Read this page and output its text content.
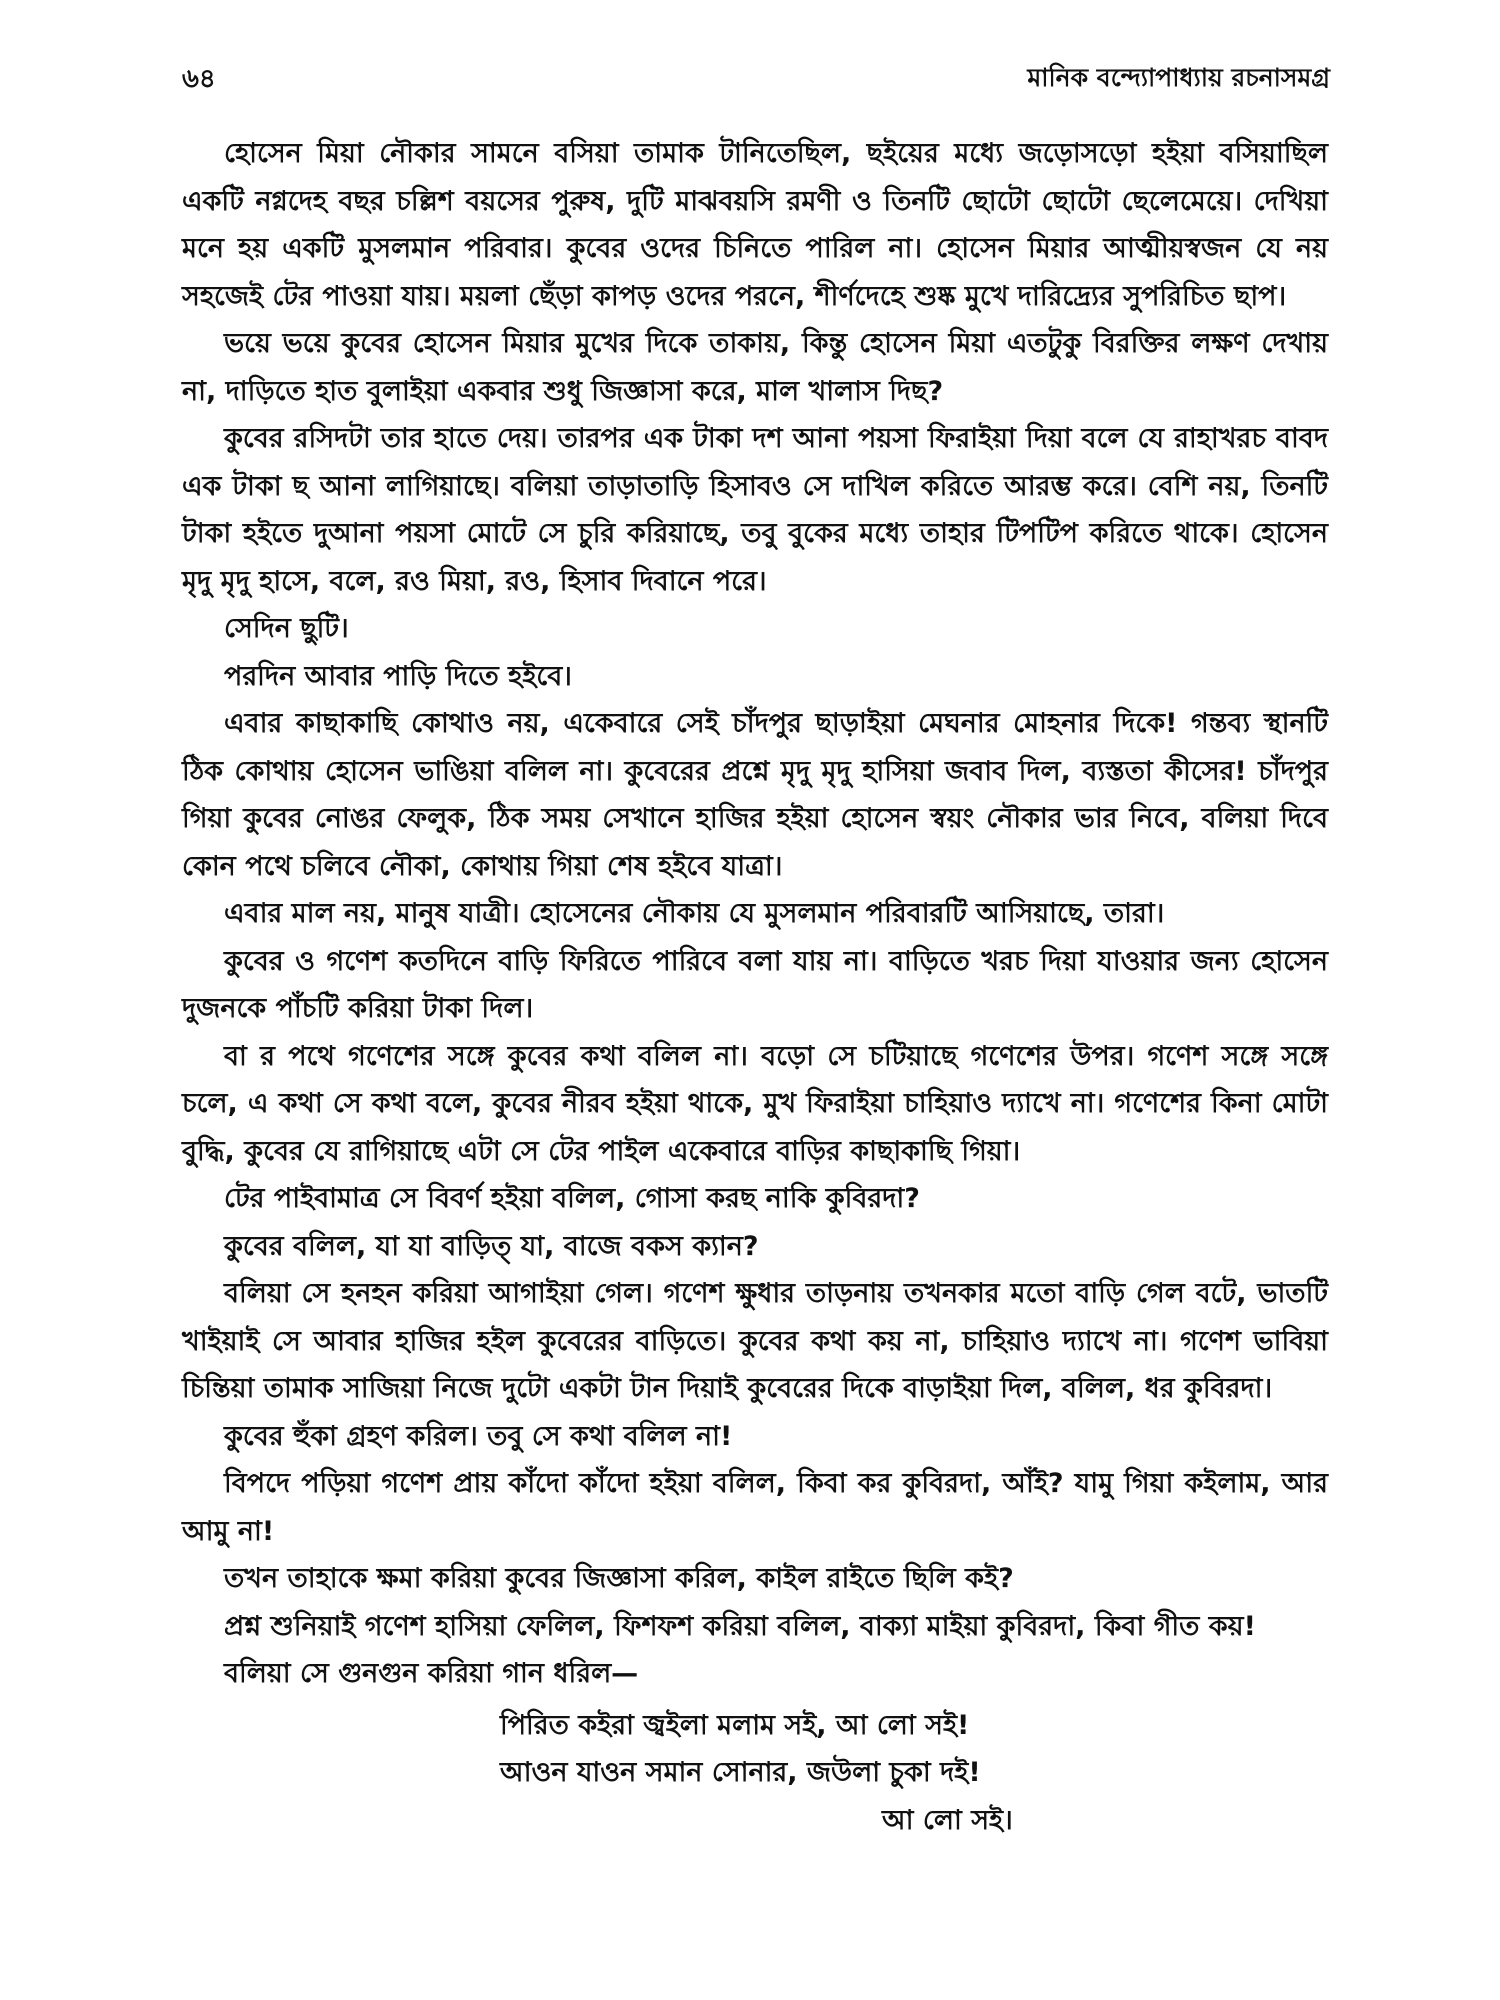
৬৪	মানিক বন্দ্যোপাধ্যায় রচনাসমগ্র

হোসেন মিয়া নৌকার সামনে বসিয়া তামাক টানিতেছিল, ছইয়ের মধ্যে জড়োসড়ো হইয়া বসিয়াছিল একটি নগ্নদেহ বছর চল্লিশ বয়সের পুরুষ, দুটি মাঝবয়সি রমণী ও তিনটি ছোটো ছোটো ছেলেমেয়ে। দেখিয়া মনে হয় একটি মুসলমান পরিবার। কুবের ওদের চিনিতে পারিল না। হোসেন মিয়ার আত্মীয়স্বজন যে নয় সহজেই টের পাওয়া যায়। ময়লা ছেঁড়া কাপড় ওদের পরনে, শীর্ণদেহে শুষ্ক মুখে দারিদ্র্যের সুপরিচিত ছাপ।

ভয়ে ভয়ে কুবের হোসেন মিয়ার মুখের দিকে তাকায়, কিন্তু হোসেন মিয়া এতটুকু বিরক্তির লক্ষণ দেখায় না, দাড়িতে হাত বুলাইয়া একবার শুধু জিজ্ঞাসা করে, মাল খালাস দিছ?

কুবের রসিদটা তার হাতে দেয়। তারপর এক টাকা দশ আনা পয়সা ফিরাইয়া দিয়া বলে যে রাহাখরচ বাবদ এক টাকা ছ আনা লাগিয়াছে। বলিয়া তাড়াতাড়ি হিসাবও সে দাখিল করিতে আরম্ভ করে। বেশি নয়, তিনটি টাকা হইতে দুআনা পয়সা মোটে সে চুরি করিয়াছে, তবু বুকের মধ্যে তাহার টিপটিপ করিতে থাকে। হোসেন মৃদু মৃদু হাসে, বলে, রও মিয়া, রও, হিসাব দিবানে পরে।

সেদিন ছুটি।

পরদিন আবার পাড়ি দিতে হইবে।

এবার কাছাকাছি কোথাও নয়, একেবারে সেই চাঁদপুর ছাড়াইয়া মেঘনার মোহনার দিকে! গন্তব্য স্থানটি ঠিক কোথায় হোসেন ভাঙিয়া বলিল না। কুবেরের প্রশ্নে মৃদু মৃদু হাসিয়া জবাব দিল, ব্যস্ততা কীসের! চাঁদপুর গিয়া কুবের নোঙর ফেলুক, ঠিক সময় সেখানে হাজির হইয়া হোসেন স্বয়ং নৌকার ভার নিবে, বলিয়া দিবে কোন পথে চলিবে নৌকা, কোথায় গিয়া শেষ হইবে যাত্রা।

এবার মাল নয়, মানুষ যাত্রী। হোসেনের নৌকায় যে মুসলমান পরিবারটি আসিয়াছে, তারা।

কুবের ও গণেশ কতদিনে বাড়ি ফিরিতে পারিবে বলা যায় না। বাড়িতে খরচ দিয়া যাওয়ার জন্য হোসেন দুজনকে পাঁচটি করিয়া টাকা দিল।

বা র পথে গণেশের সঙ্গে কুবের কথা বলিল না। বড়ো সে চটিয়াছে গণেশের উপর। গণেশ সঙ্গে সঙ্গে চলে, এ কথা সে কথা বলে, কুবের নীরব হইয়া থাকে, মুখ ফিরাইয়া চাহিয়াও দ্যাখে না। গণেশের কিনা মোটা বুদ্ধি, কুবের যে রাগিয়াছে এটা সে টের পাইল একেবারে বাড়ির কাছাকাছি গিয়া।

টের পাইবামাত্র সে বিবর্ণ হইয়া বলিল, গোসা করছ নাকি কুবিরদা?

কুবের বলিল, যা যা বাড়িত্ যা, বাজে বকস ক্যান?

বলিয়া সে হনহন করিয়া আগাইয়া গেল। গণেশ ক্ষুধার তাড়নায় তখনকার মতো বাড়ি গেল বটে, ভাতটি খাইয়াই সে আবার হাজির হইল কুবেরের বাড়িতে। কুবের কথা কয় না, চাহিয়াও দ্যাখে না। গণেশ ভাবিয়া চিন্তিয়া তামাক সাজিয়া নিজে দুটো একটা টান দিয়াই কুবেরের দিকে বাড়াইয়া দিল, বলিল, ধর কুবিরদা।

কুবের হুঁকা গ্রহণ করিল। তবু সে কথা বলিল না!

বিপদে পড়িয়া গণেশ প্রায় কাঁদো কাঁদো হইয়া বলিল, কিবা কর কুবিরদা, আঁই? যামু গিয়া কইলাম, আর আমু না!

তখন তাহাকে ক্ষমা করিয়া কুবের জিজ্ঞাসা করিল, কাইল রাইতে ছিলি কই?

প্রশ্ন শুনিয়াই গণেশ হাসিয়া ফেলিল, ফিশফশ করিয়া বলিল, বাক্যা মাইয়া কুবিরদা, কিবা গীত কয়!

বলিয়া সে গুনগুন করিয়া গান ধরিল—

পিরিত কইরা জ্বইলা মলাম সই, আ লো সই!

আওন যাওন সমান সোনার, জউলা চুকা দই!

আ লো সই।
